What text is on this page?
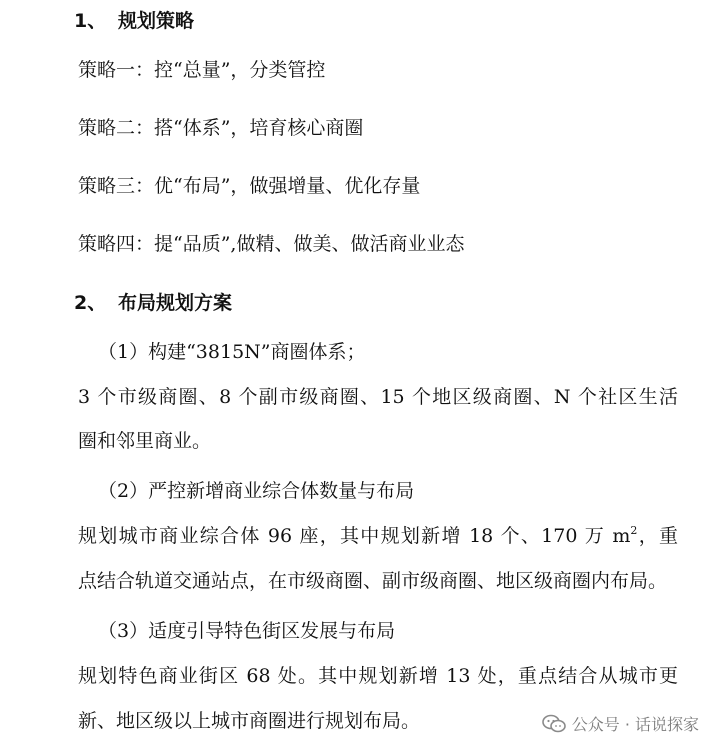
1、 规划策略
策略一：控“总量”，分类管控
策略二：搭“体系”，培育核心商圈
策略三：优“布局”，做强增量、优化存量
策略四：提“品质”,做精、做美、做活商业业态
2、 布局规划方案
（1）构建“3815N”商圈体系；
3 个市级商圈、8 个副市级商圈、15 个地区级商圈、N 个社区生活
圈和邻里商业。
（2）严控新增商业综合体数量与布局
规划城市商业综合体 96 座，其中规划新增 18 个、170 万 $m^2$，重
点结合轨道交通站点，在市级商圈、副市级商圈、地区级商圈内布局。
（3）适度引导特色街区发展与布局
规划特色商业街区 68 处。其中规划新增 13 处，重点结合从城市更
新、地区级以上城市商圈进行规划布局。	公众号 · 话说探家
